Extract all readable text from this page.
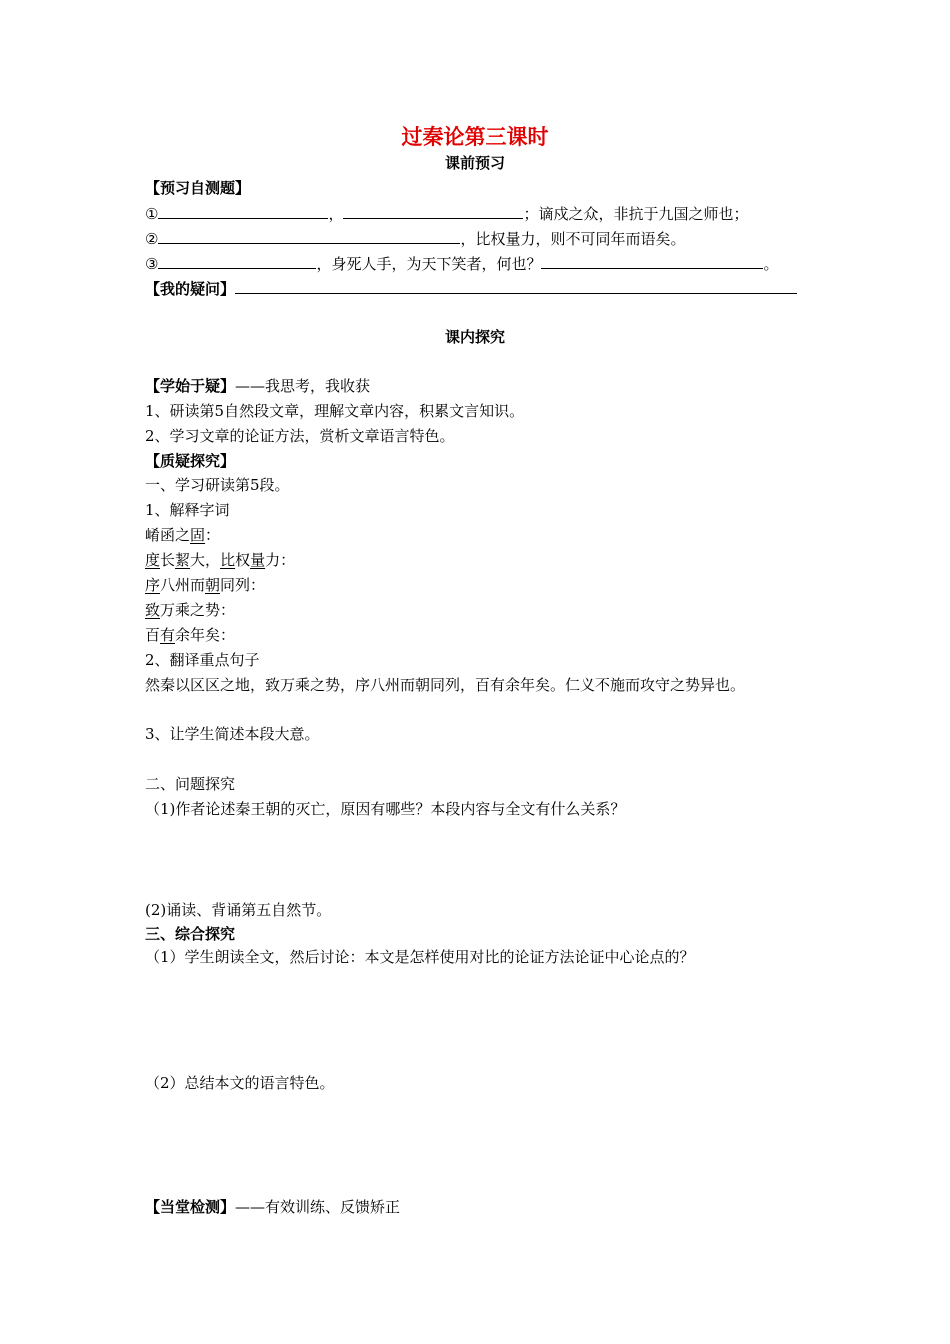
过秦论第三课时
课前预习
【预习自测题】
①	，	；谪戍之众，非抗于九国之师也；
②	，比权量力，则不可同年而语矣。
③	，身死人手，为天下笑者，何也？	。
【我的疑问】
课内探究
【学始于疑】——我思考，我收获
1、研读第5自然段文章，理解文章内容，积累文言知识。
2、学习文章的论证方法，赏析文章语言特色。
【质疑探究】
一、学习研读第5段。
1、解释字词
崤函之固：
度长絜大，比权量力：
序八州而朝同列：
致万乘之势：
百有余年矣：
2、翻译重点句子
然秦以区区之地，致万乘之势，序八州而朝同列，百有余年矣。仁义不施而攻守之势异也。
3、让学生简述本段大意。
二、问题探究
（1)作者论述秦王朝的灭亡，原因有哪些？本段内容与全文有什么关系？
(2)诵读、背诵第五自然节。
三、综合探究
（1）学生朗读全文，然后讨论：本文是怎样使用对比的论证方法论证中心论点的？
（2）总结本文的语言特色。
【当堂检测】——有效训练、反馈矫正
